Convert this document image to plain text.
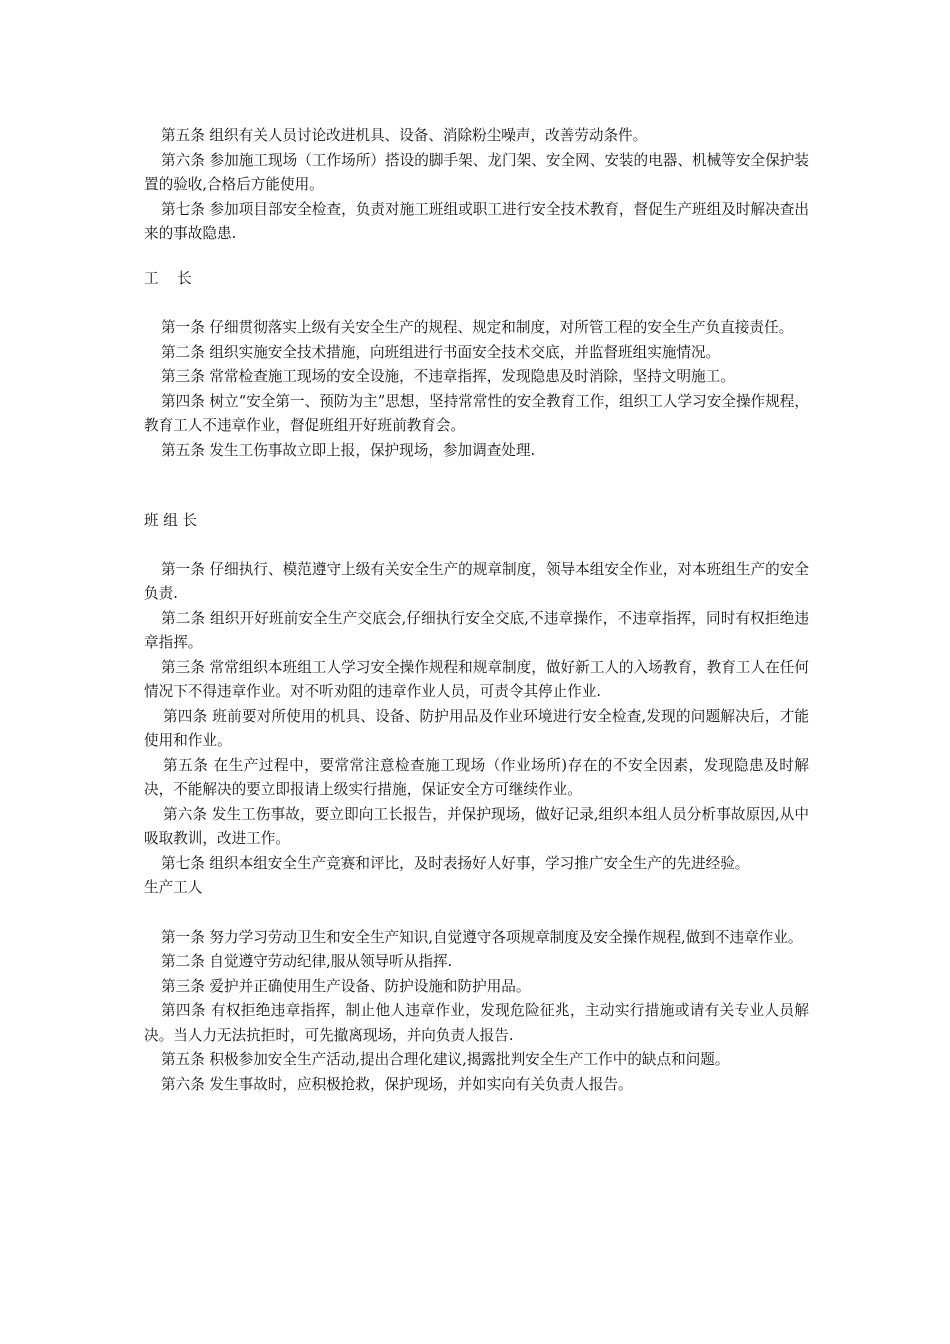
第五条 组织有关人员讨论改进机具、设备、消除粉尘噪声，改善劳动条件。

第六条 参加施工现场（工作场所）搭设的脚手架、龙门架、安全网、安装的电器、机械等安全保护装置的验收,合格后方能使用。

第七条 参加项目部安全检查，负责对施工班组或职工进行安全技术教育，督促生产班组及时解决查出来的事故隐患.

工    长

第一条 仔细贯彻落实上级有关安全生产的规程、规定和制度，对所管工程的安全生产负直接责任。

第二条 组织实施安全技术措施，向班组进行书面安全技术交底，并监督班组实施情况。

第三条 常常检查施工现场的安全设施，不违章指挥，发现隐患及时消除，坚持文明施工。

第四条 树立“安全第一、预防为主”思想，坚持常常性的安全教育工作，组织工人学习安全操作规程，教育工人不违章作业，督促班组开好班前教育会。

第五条 发生工伤事故立即上报，保护现场，参加调查处理.

班 组 长

第一条 仔细执行、模范遵守上级有关安全生产的规章制度，领导本组安全作业，对本班组生产的安全负责.

第二条 组织开好班前安全生产交底会,仔细执行安全交底,不违章操作，不违章指挥，同时有权拒绝违章指挥。

第三条 常常组织本班组工人学习安全操作规程和规章制度，做好新工人的入场教育，教育工人在任何情况下不得违章作业。对不听劝阻的违章作业人员，可责令其停止作业.

第四条 班前要对所使用的机具、设备、防护用品及作业环境进行安全检查,发现的问题解决后，才能使用和作业。

第五条 在生产过程中，要常常注意检查施工现场（作业场所)存在的不安全因素，发现隐患及时解决，不能解决的要立即报请上级实行措施，保证安全方可继续作业。

第六条 发生工伤事故，要立即向工长报告，并保护现场，做好记录,组织本组人员分析事故原因,从中吸取教训，改进工作。

第七条 组织本组安全生产竞赛和评比，及时表扬好人好事，学习推广安全生产的先进经验。

生产工人

第一条 努力学习劳动卫生和安全生产知识,自觉遵守各项规章制度及安全操作规程,做到不违章作业。

第二条 自觉遵守劳动纪律,服从领导听从指挥.

第三条 爱护并正确使用生产设备、防护设施和防护用品。

第四条 有权拒绝违章指挥，制止他人违章作业，发现危险征兆，主动实行措施或请有关专业人员解决。当人力无法抗拒时，可先撤离现场，并向负责人报告.

第五条 积极参加安全生产活动,提出合理化建议,揭露批判安全生产工作中的缺点和问题。

第六条 发生事故时，应积极抢救，保护现场，并如实向有关负责人报告。
